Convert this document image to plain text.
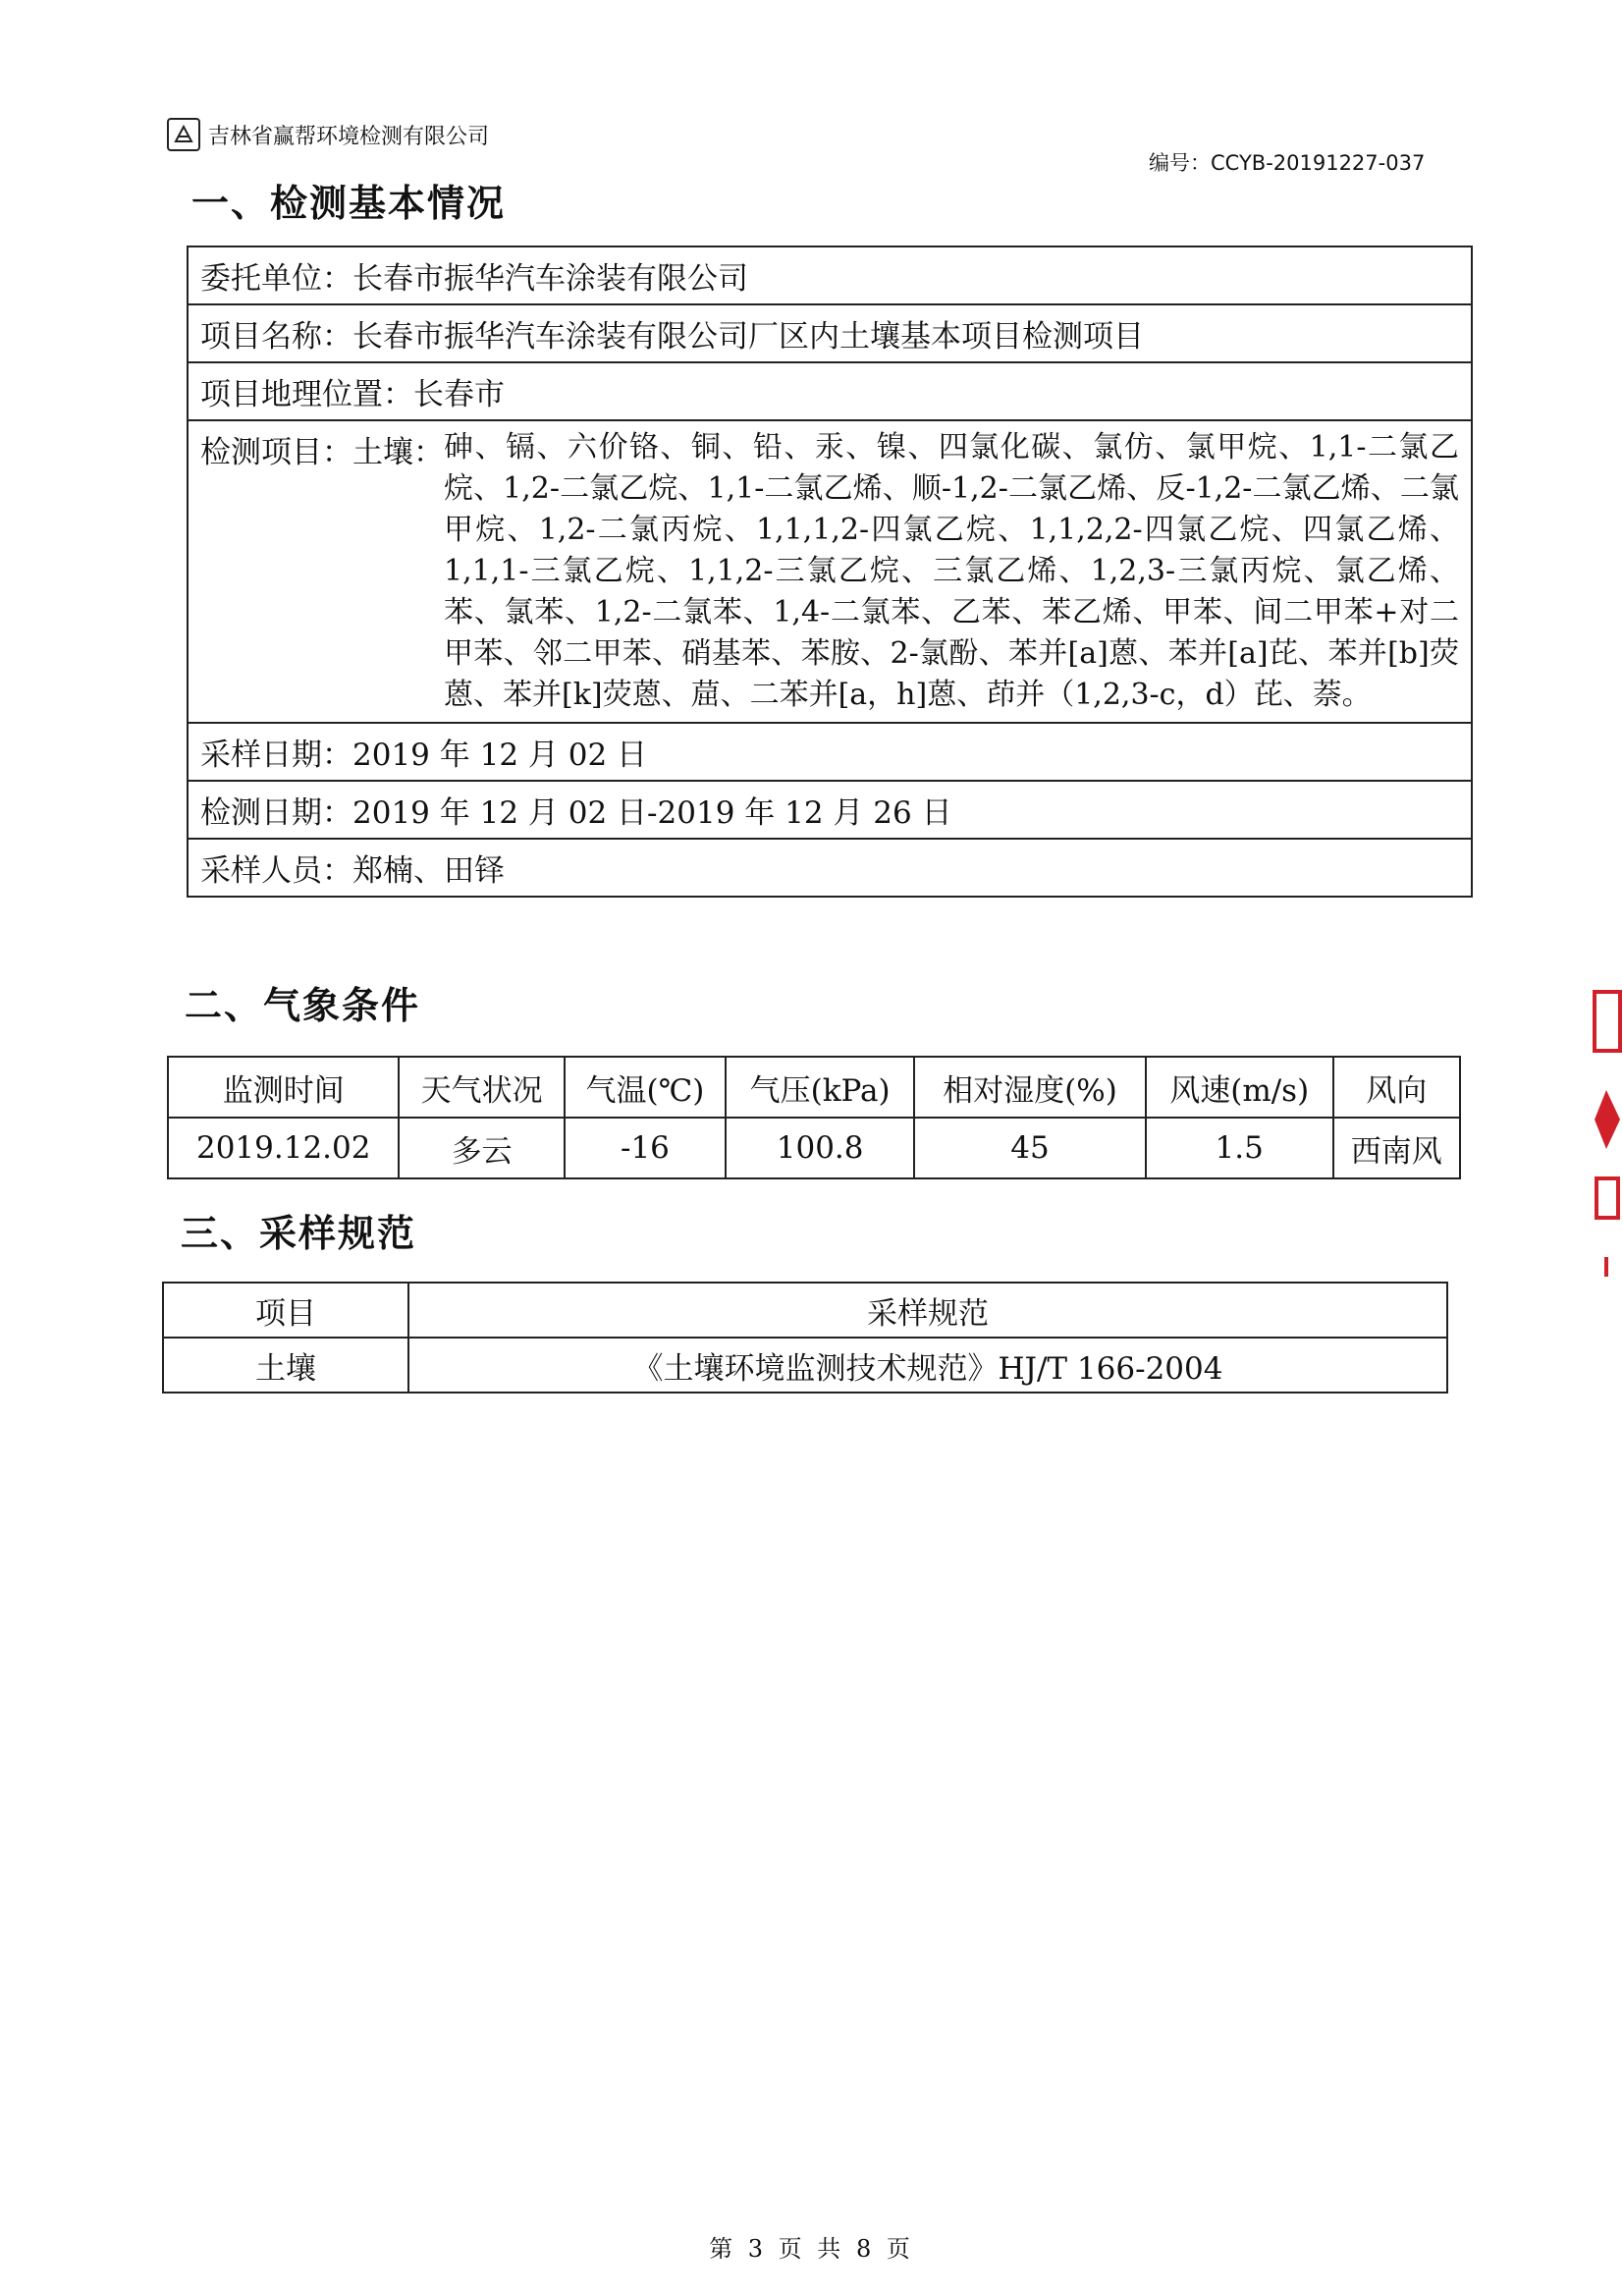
吉林省赢帮环境检测有限公司
编号：CCYB-20191227-037
一、检测基本情况
委托单位：长春市振华汽车涂装有限公司
项目名称：长春市振华汽车涂装有限公司厂区内土壤基本项目检测项目
项目地理位置：长春市

检测项目： 土壤： 砷、镉、六价铬、铜、铅、汞、镍、四氯化碳、氯仿、氯甲烷、1,1-二氯乙烷、1,2-二氯乙烷、1,1-二氯乙烯、顺-1,2-二氯乙烯、反-1,2-二氯乙烯、二氯甲烷、1,2-二氯丙烷、1,1,1,2-四氯乙烷、1,1,2,2-四氯乙烷、四氯乙烯、1,1,1-三氯乙烷、1,1,2-三氯乙烷、三氯乙烯、1,2,3-三氯丙烷、氯乙烯、苯、氯苯、1,2-二氯苯、1,4-二氯苯、乙苯、苯乙烯、甲苯、间二甲苯+对二甲苯、邻二甲苯、硝基苯、苯胺、2-氯酚、苯并[a]蒽、苯并[a]芘、苯并[b]荧蒽、苯并[k]荧蒽、䓛、二苯并[a，h]蒽、茚并（1,2,3-c，d）芘、萘。

采样日期：2019 年 12 月 02 日
检测日期：2019 年 12 月 02 日-2019 年 12 月 26 日
采样人员：郑楠、田铎
二、气象条件
监测时间	天气状况	气温(℃)	气压(kPa)	相对湿度(%)	风速(m/s)	风向
2019.12.02	多云	-16	100.8	45	1.5	西南风
三、采样规范
项目	采样规范
土壤	《土壤环境监测技术规范》HJ/T 166-2004
第 3 页 共 8 页
